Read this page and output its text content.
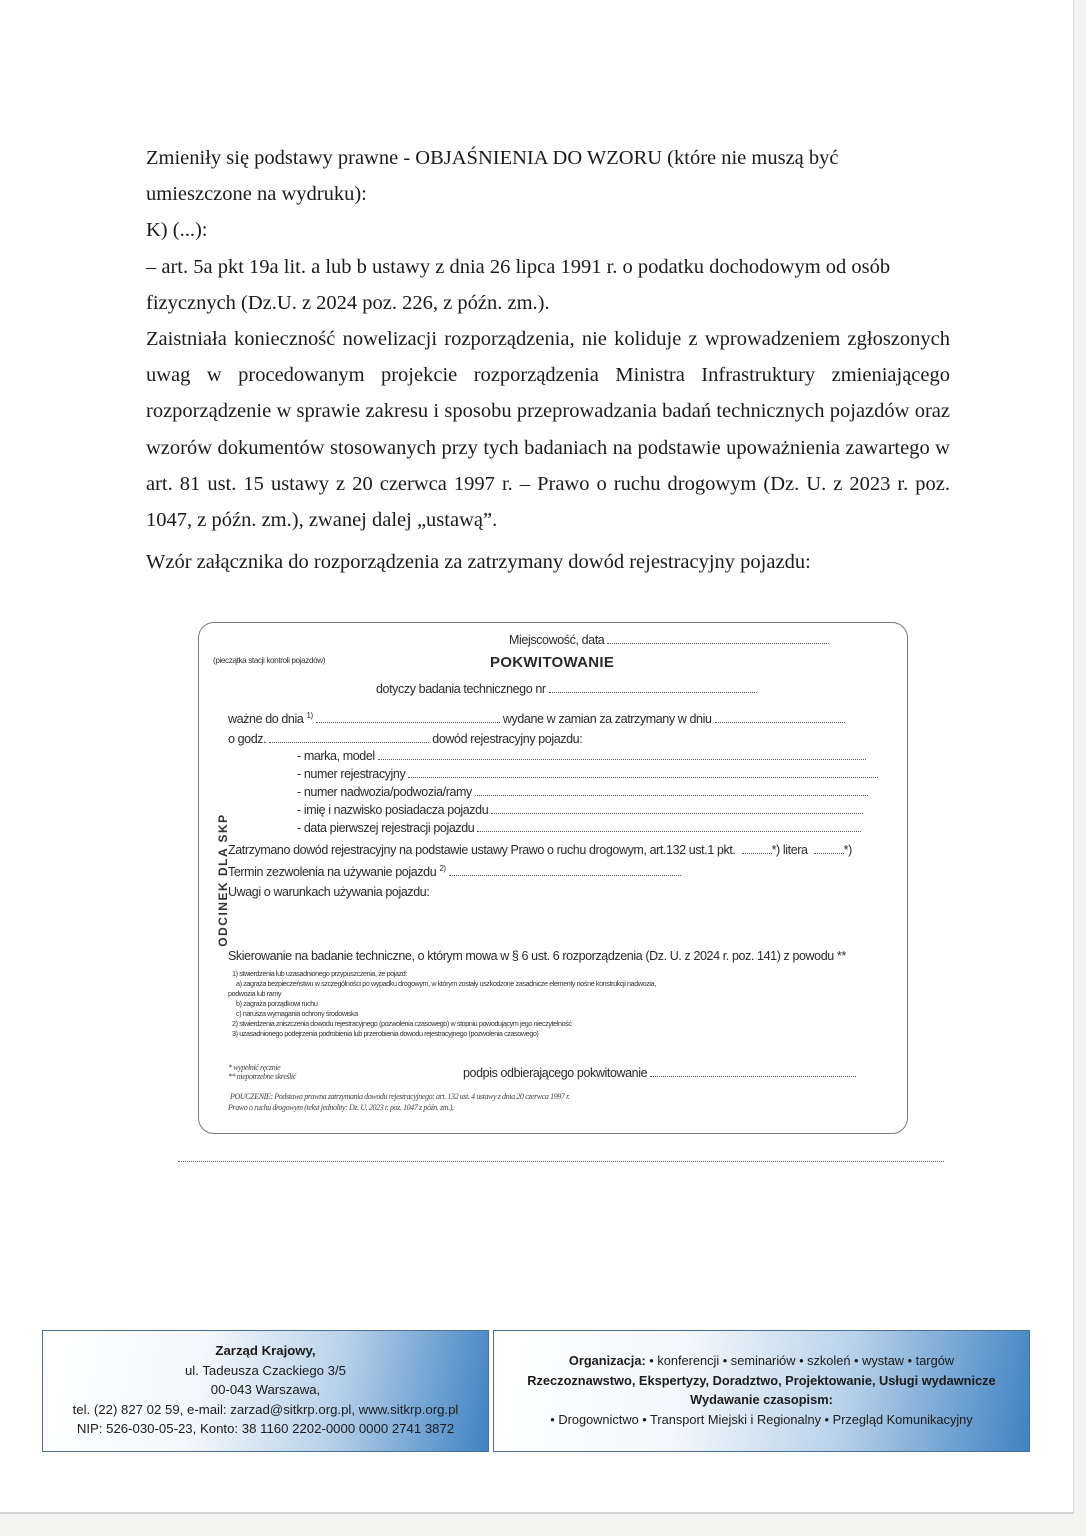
Zmieniły się podstawy prawne - OBJAŚNIENIA DO WZORU (które nie muszą być
umieszczone na wydruku):

K) (...):

– art. 5a pkt 19a lit. a lub b ustawy z dnia 26 lipca 1991 r. o podatku dochodowym od osób
fizycznych (Dz.U. z 2024 poz. 226, z późn. zm.).

Zaistniała konieczność nowelizacji rozporządzenia, nie koliduje z wprowadzeniem zgłoszonych uwag w procedowanym projekcie rozporządzenia Ministra Infrastruktury zmieniającego rozporządzenie w sprawie zakresu i sposobu przeprowadzania badań technicznych pojazdów oraz wzorów dokumentów stosowanych przy tych badaniach na podstawie upoważnienia zawartego w art. 81 ust. 15 ustawy z 20 czerwca 1997 r. – Prawo o ruchu drogowym (Dz. U. z 2023 r. poz. 1047, z późn. zm.), zwanej dalej „ustawą”.

Wzór załącznika do rozporządzenia za zatrzymany dowód rejestracyjny pojazdu:

ODCINEK DLA SKP
Miejscowość, data
(pieczątka stacji kontroli pojazdów)	POKWITOWANIE
dotyczy badania technicznego nr
ważne do dnia $^{1)}$	wydane w zamian za zatrzymany w dniu
o godz.	dowód rejestracyjny pojazdu:
- marka, model
- numer rejestracyjny
- numer nadwozia/podwozia/ramy
- imię i nazwisko posiadacza pojazdu
- data pierwszej rejestracji pojazdu
Zatrzymano dowód rejestracyjny na podstawie ustawy Prawo o ruchu drogowym, art.132 ust.1 pkt.	*) litera	*)
Termin zezwolenia na używanie pojazdu $^{2)}$
Uwagi o warunkach używania pojazdu:
Skierowanie na badanie techniczne, o którym mowa w § 6 ust. 6 rozporządzenia (Dz. U. z 2024 r. poz. 141) z powodu **
1) stwierdzenia lub uzasadnionego przypuszczenia, że pojazd:
a) zagraża bezpieczeństwu w szczególności po wypadku drogowym, w którym zostały uszkodzone zasadnicze elementy nośne konstrukcji nadwozia,
podwozia lub ramy
b) zagraża porządkowi ruchu
c) narusza wymagania ochrony środowiska
2) stwierdzenia zniszczenia dowodu rejestracyjnego (pozwolenia czasowego) w stopniu powodującym jego nieczytelność
3) uzasadnionego podejrzenia podrobienia lub przerobienia dowodu rejestracyjnego (pozwolenia czasowego)
* wypełnić ręcznie
** niepotrzebne skreślić	podpis odbierającego pokwitowanie
POUCZENIE: Podstawa prawna zatrzymania dowodu rejestracyjnego: art. 132 ust. 4 ustawy z dnia 20 czerwca 1997 r.
Prawo o ruchu drogowym (tekst jednolity: Dz. U. 2023 r. poz. 1047 z późn. zm.).
Zarząd Krajowy,
ul. Tadeusza Czackiego 3/5
00-043 Warszawa,
tel. (22) 827 02 59, e-mail: zarzad@sitkrp.org.pl, www.sitkrp.org.pl
NIP: 526-030-05-23, Konto: 38 1160 2202-0000 0000 2741 3872
Organizacja: • konferencji • seminariów • szkoleń • wystaw • targów
Rzeczoznawstwo, Ekspertyzy, Doradztwo, Projektowanie, Usługi wydawnicze
Wydawanie czasopism:
• Drogownictwo • Transport Miejski i Regionalny • Przegląd Komunikacyjny
